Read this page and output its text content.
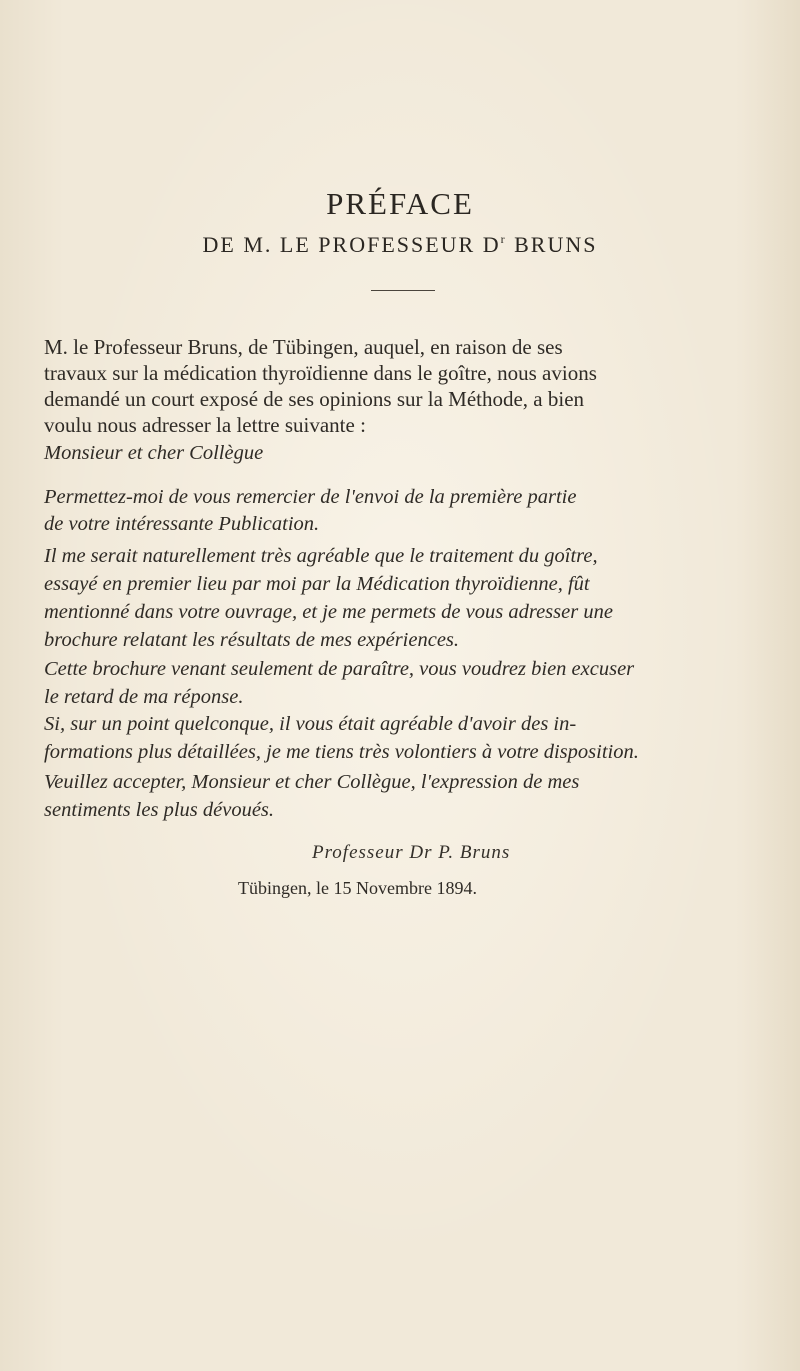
PRÉFACE
DE M. LE PROFESSEUR $D^r$ BRUNS
M. le Professeur Bruns, de Tübingen, auquel, en raison de ses
travaux sur la médication thyroïdienne dans le goître, nous avions
demandé un court exposé de ses opinions sur la Méthode, a bien
voulu nous adresser la lettre suivante :
Monsieur et cher Collègue
Permettez-moi de vous remercier de l'envoi de la première partie
de votre intéressante Publication.
Il me serait naturellement très agréable que le traitement du goître,
essayé en premier lieu par moi par la Médication thyroïdienne, fût
mentionné dans votre ouvrage, et je me permets de vous adresser une
brochure relatant les résultats de mes expériences.
Cette brochure venant seulement de paraître, vous voudrez bien excuser
le retard de ma réponse.
Si, sur un point quelconque, il vous était agréable d'avoir des in-
formations plus détaillées, je me tiens très volontiers à votre disposition.
Veuillez accepter, Monsieur et cher Collègue, l'expression de mes
sentiments les plus dévoués.
Professeur Dr P. Bruns
Tübingen, le 15 Novembre 1894.
